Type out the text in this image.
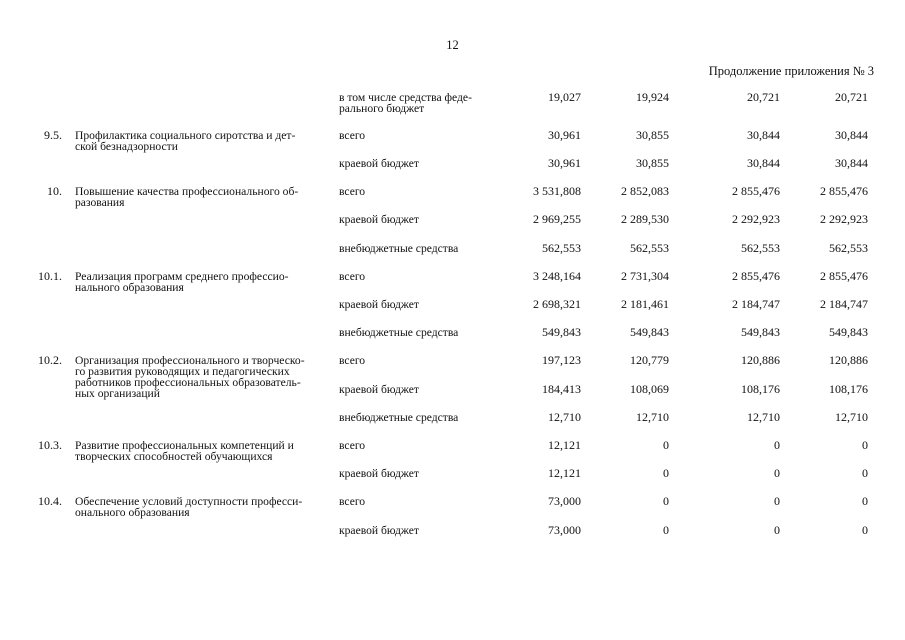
12
Продолжение приложения № 3
в том числе средства феде-
рального бюджет
19,027	19,924	20,721	20,721
9.5. Профилактика социального сиротства и дет-
ской безнадзорности
всего	30,961	30,855	30,844	30,844
краевой бюджет	30,961	30,855	30,844	30,844
10. Повышение качества профессионального об-
разования
всего	3 531,808	2 852,083	2 855,476	2 855,476
краевой бюджет	2 969,255	2 289,530	2 292,923	2 292,923
внебюджетные средства	562,553	562,553	562,553	562,553
10.1. Реализация программ среднего профессио-
нального образования
всего	3 248,164	2 731,304	2 855,476	2 855,476
краевой бюджет	2 698,321	2 181,461	2 184,747	2 184,747
внебюджетные средства	549,843	549,843	549,843	549,843
10.2. Организация профессионального и творческо-
го развития руководящих и педагогических
работников профессиональных образователь-
ных организаций
всего	197,123	120,779	120,886	120,886
краевой бюджет	184,413	108,069	108,176	108,176
внебюджетные средства	12,710	12,710	12,710	12,710
10.3. Развитие профессиональных компетенций и
творческих способностей обучающихся
всего	12,121	0	0	0
краевой бюджет	12,121	0	0	0
10.4. Обеспечение условий доступности професси-
онального образования
всего	73,000	0	0	0
краевой бюджет	73,000	0	0	0
